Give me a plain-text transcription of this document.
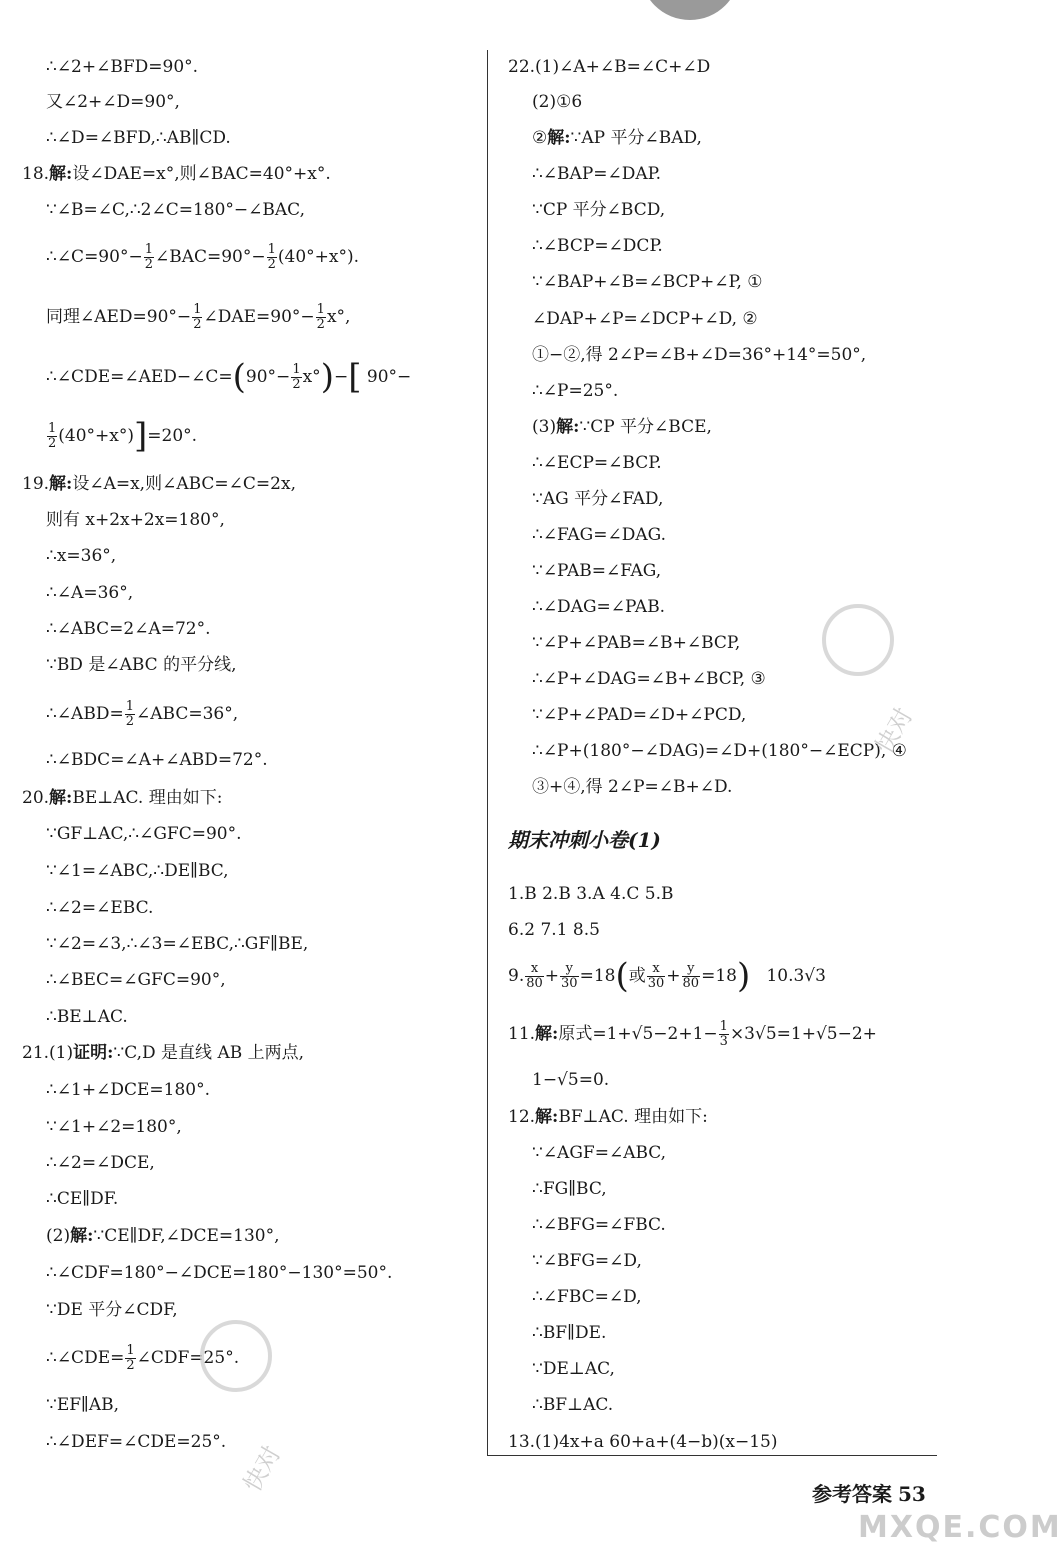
∴∠2+∠BFD=90°.
又∠2+∠D=90°,
∴∠D=∠BFD,∴AB∥CD.
18.解:设∠DAE=x°,则∠BAC=40°+x°.
∵∠B=∠C,∴2∠C=180°−∠BAC,
∴∠C=90°− $\frac{1}{2}$ ∠BAC=90°− $\frac{1}{2} (40^\circ+x^\circ)$.
同理∠AED=90°− $\frac{1}{2}$ ∠DAE=90°− $\frac{1}{2} x^\circ$,
∴∠CDE=∠AED−∠C=(90°− $\frac{1}{2} x^\circ)-$[ 90°−
$\frac{1}{2} (40^\circ+x^\circ)]=20^\circ$.
19.解:设∠A=x,则∠ABC=∠C=2x,
则有 x+2x+2x=180°,
∴x=36°,
∴∠A=36°,
∴∠ABC=2∠A=72°.
∵BD 是∠ABC 的平分线,
∴∠ABD= $\frac{1}{2}$ ∠ABC=36°,
∴∠BDC=∠A+∠ABD=72°.
20.解:BE⊥AC. 理由如下:
∵GF⊥AC,∴∠GFC=90°.
∵∠1=∠ABC,∴DE∥BC,
∴∠2=∠EBC.
∵∠2=∠3,∴∠3=∠EBC,∴GF∥BE,
∴∠BEC=∠GFC=90°,
∴BE⊥AC.
21.(1)证明:∵C,D 是直线 AB 上两点,
∴∠1+∠DCE=180°.
∵∠1+∠2=180°,
∴∠2=∠DCE,
∴CE∥DF.
(2)解:∵CE∥DF,∠DCE=130°,
∴∠CDF=180°−∠DCE=180°−130°=50°.
∵DE 平分∠CDF,
∴∠CDE= $\frac{1}{2}$ ∠CDF=25°.
∵EF∥AB,
∴∠DEF=∠CDE=25°.
22.(1)∠A+∠B=∠C+∠D
(2)①6
②解:∵AP 平分∠BAD,
∴∠BAP=∠DAP.
∵CP 平分∠BCD,
∴∠BCP=∠DCP.
∵∠BAP+∠B=∠BCP+∠P, ①
∠DAP+∠P=∠DCP+∠D, ②
①−②,得 2∠P=∠B+∠D=36°+14°=50°,
∴∠P=25°.
(3)解:∵CP 平分∠BCE,
∴∠ECP=∠BCP.
∵AG 平分∠FAD,
∴∠FAG=∠DAG.
∵∠PAB=∠FAG,
∴∠DAG=∠PAB.
∵∠P+∠PAB=∠B+∠BCP,
∴∠P+∠DAG=∠B+∠BCP, ③
∵∠P+∠PAD=∠D+∠PCD,
∴∠P+(180°−∠DAG)=∠D+(180°−∠ECP), ④
③+④,得 2∠P=∠B+∠D.
期末冲刺小卷(1)
1.B 2.B 3.A 4.C 5.B
6.2 7.1 8.5
9. $\frac{x}{80} + \frac{y}{30} =18$(或 $\frac{x}{30} + \frac{y}{80} =18$) 10.3√3
11.解:原式$=1+√5-2+1- \frac{1}{3} \times 3√5=1+√5-2+$
1−√5=0.
12.解:BF⊥AC. 理由如下:
∵∠AGF=∠ABC,
∴FG∥BC,
∴∠BFG=∠FBC.
∵∠BFG=∠D,
∴∠FBC=∠D,
∴BF∥DE.
∵DE⊥AC,
∴BF⊥AC.
13.(1)4x+a 60+a+(4−b)(x−15)
快对
快对	参考答案 53
MXQE.COM
